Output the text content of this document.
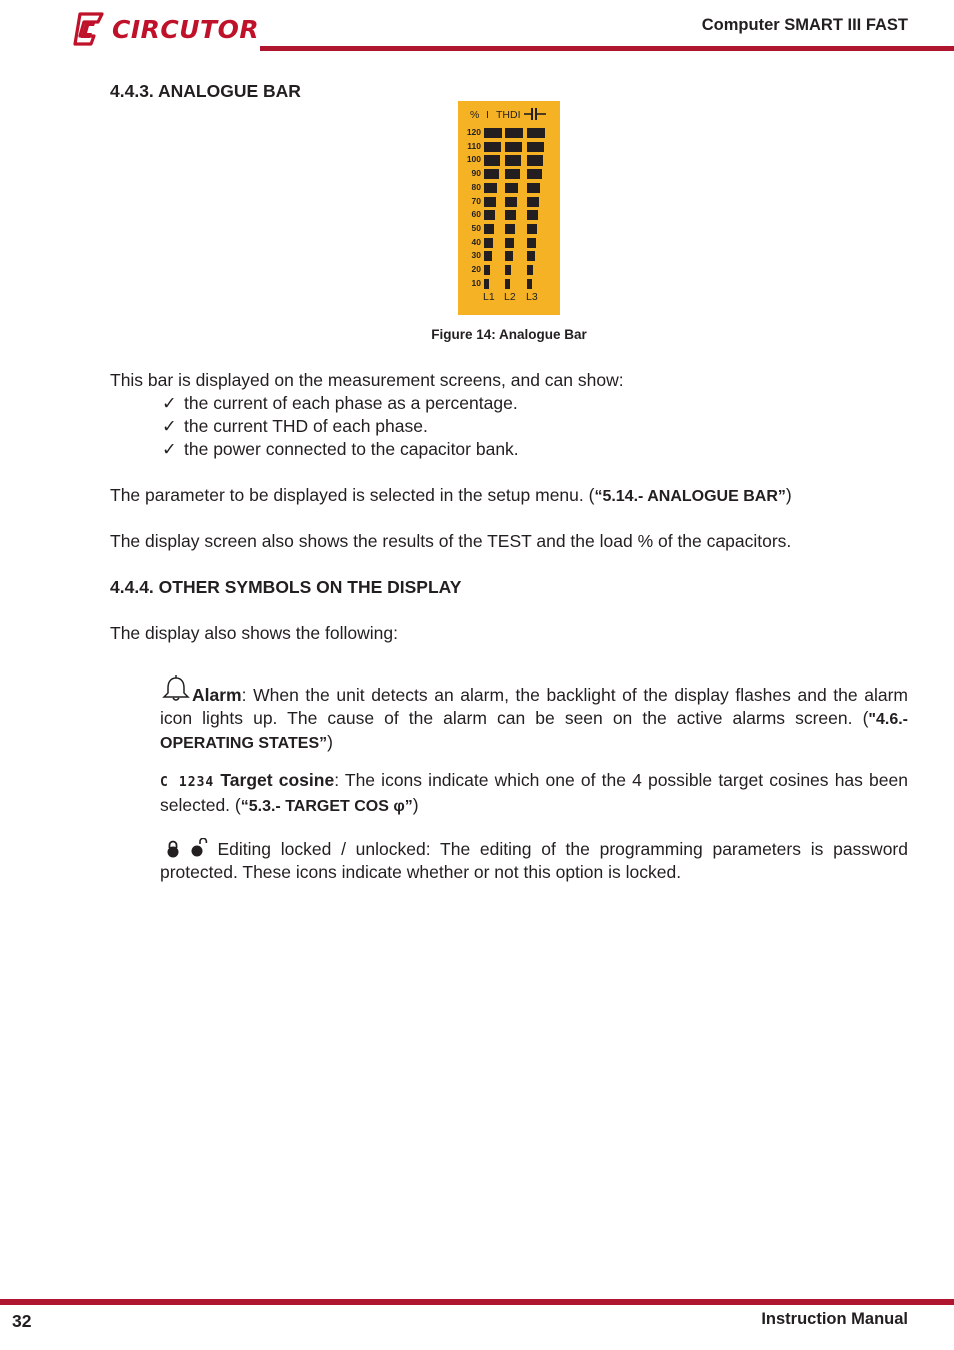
CIRCUTOR	Computer SMART III FAST
4.4.3. ANALOGUE BAR
% I THDI
120
110
100
90
80
70
60
50
40
30
20
10
L1 L2 L3
Figure 14: Analogue Bar
This bar is displayed on the measurement screens, and can show:
✓ the current of each phase as a percentage.
✓ the current THD of each phase.
✓ the power connected to the capacitor bank.
The parameter to be displayed is selected in the setup menu. (“5.14.- ANALOGUE BAR”)
The display screen also shows the results of the TEST and the load % of the capacitors.
4.4.4. OTHER SYMBOLS ON THE DISPLAY
The display also shows the following:
Alarm: When the unit detects an alarm, the backlight of the display flashes and the alarm icon lights up. The cause of the alarm can be seen on the active alarms screen. ("4.6.- OPERATING STATES”)
C 1234 Target cosine: The icons indicate which one of the 4 possible target cosines has been selected. (“5.3.- TARGET COS φ”)
Editing locked / unlocked: The editing of the programming parameters is password protected. These icons indicate whether or not this option is locked.
32	Instruction Manual
